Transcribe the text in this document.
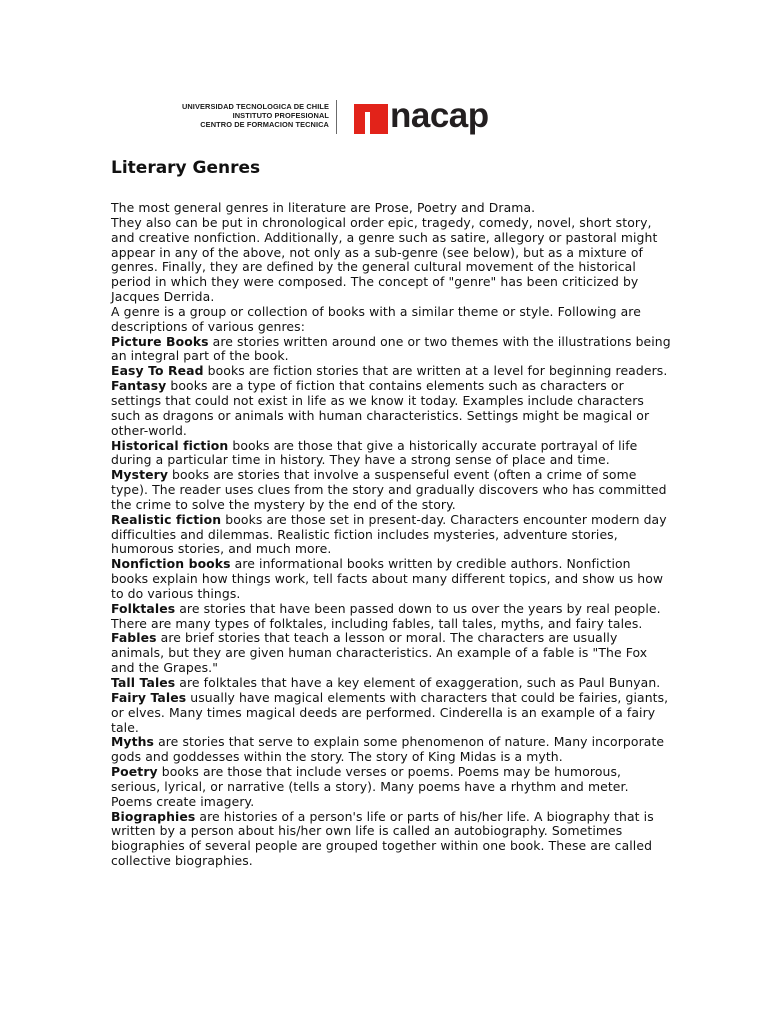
UNIVERSIDAD TECNOLOGICA DE CHILE
INSTITUTO PROFESIONAL
CENTRO DE FORMACION TECNICA nacap
Literary Genres

The most general genres in literature are Prose, Poetry and Drama.

They also can be put in chronological order epic, tragedy, comedy, novel, short story, and creative nonfiction. Additionally, a genre such as satire, allegory or pastoral might appear in any of the above, not only as a sub-genre (see below), but as a mixture of genres. Finally, they are defined by the general cultural movement of the historical period in which they were composed. The concept of "genre" has been criticized by Jacques Derrida.

A genre is a group or collection of books with a similar theme or style. Following are descriptions of various genres:

Picture Books are stories written around one or two themes with the illustrations being an integral part of the book.

Easy To Read books are fiction stories that are written at a level for beginning readers.

Fantasy books are a type of fiction that contains elements such as characters or settings that could not exist in life as we know it today. Examples include characters such as dragons or animals with human characteristics. Settings might be magical or other-world.

Historical fiction books are those that give a historically accurate portrayal of life during a particular time in history. They have a strong sense of place and time.

Mystery books are stories that involve a suspenseful event (often a crime of some type). The reader uses clues from the story and gradually discovers who has committed the crime to solve the mystery by the end of the story.

Realistic fiction books are those set in present-day. Characters encounter modern day difficulties and dilemmas. Realistic fiction includes mysteries, adventure stories, humorous stories, and much more.

Nonfiction books are informational books written by credible authors. Nonfiction books explain how things work, tell facts about many different topics, and show us how to do various things.

Folktales are stories that have been passed down to us over the years by real people. There are many types of folktales, including fables, tall tales, myths, and fairy tales.

Fables are brief stories that teach a lesson or moral. The characters are usually animals, but they are given human characteristics. An example of a fable is "The Fox and the Grapes."

Tall Tales are folktales that have a key element of exaggeration, such as Paul Bunyan.

Fairy Tales usually have magical elements with characters that could be fairies, giants, or elves. Many times magical deeds are performed. Cinderella is an example of a fairy tale.

Myths are stories that serve to explain some phenomenon of nature. Many incorporate gods and goddesses within the story. The story of King Midas is a myth.

Poetry books are those that include verses or poems. Poems may be humorous, serious, lyrical, or narrative (tells a story). Many poems have a rhythm and meter. Poems create imagery.

Biographies are histories of a person's life or parts of his/her life. A biography that is written by a person about his/her own life is called an autobiography. Sometimes biographies of several people are grouped together within one book. These are called collective biographies.
